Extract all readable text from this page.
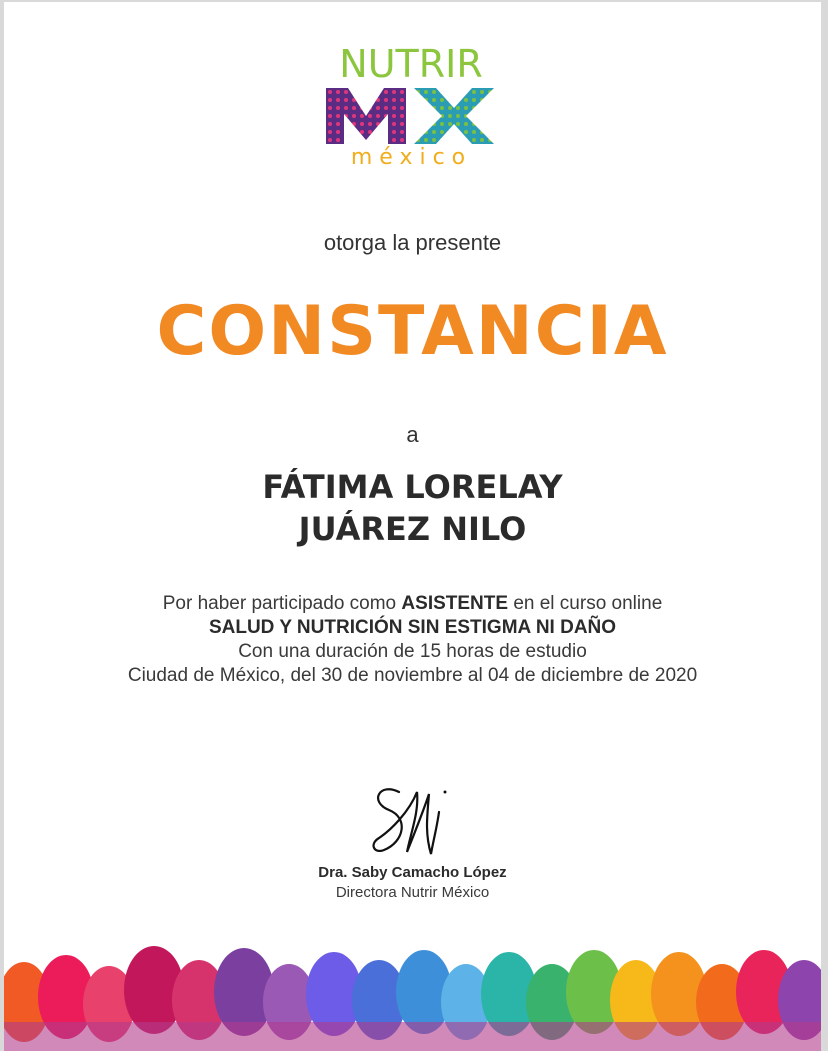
NUTRIR
méxico
otorga la presente
CONSTANCIA
a
FÁTIMA LORELAY
JUÁREZ NILO
Por haber participado como ASISTENTE en el curso online
SALUD Y NUTRICIÓN SIN ESTIGMA NI DAÑO
Con una duración de 15 horas de estudio
Ciudad de México, del 30 de noviembre al 04 de diciembre de 2020
Dra. Saby Camacho López
Directora Nutrir México
